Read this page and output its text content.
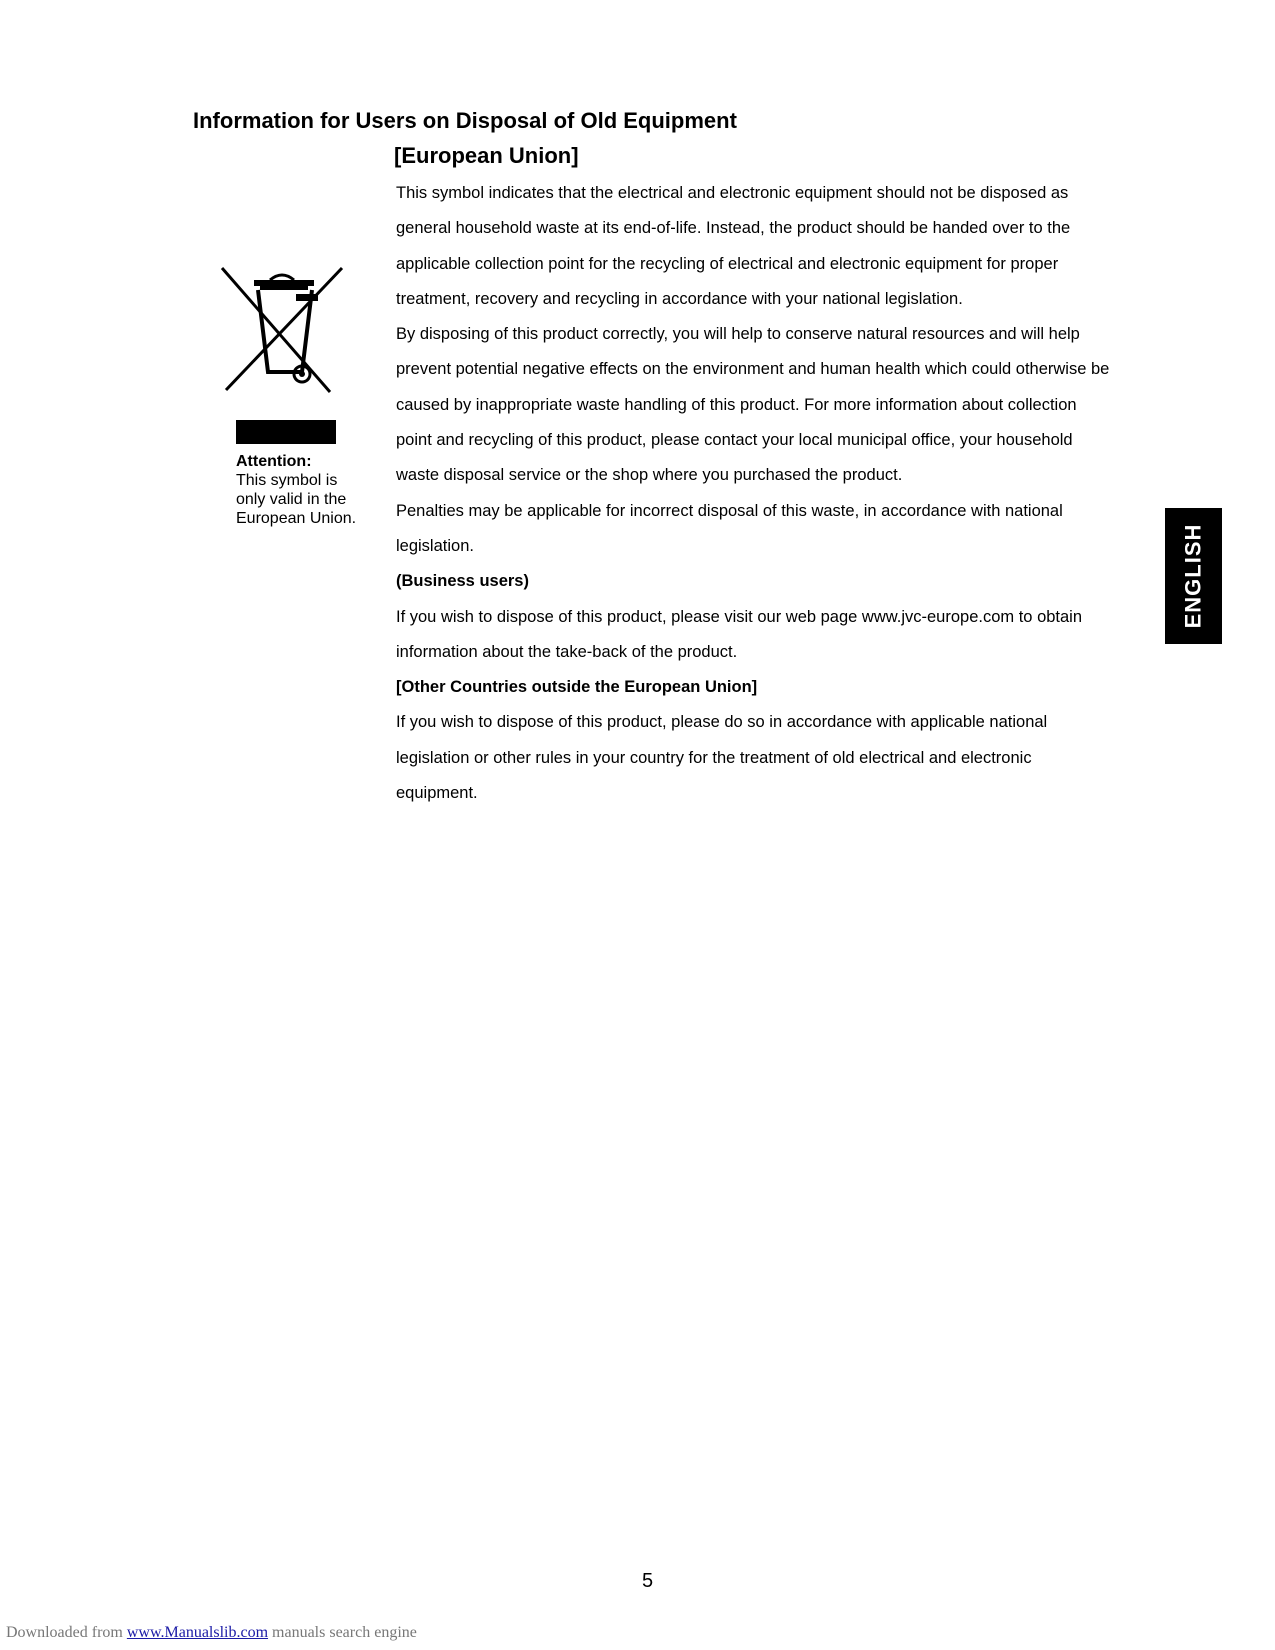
Information for Users on Disposal of Old Equipment
[European Union]
Attention:
This symbol is
only valid in the
European Union.

This symbol indicates that the electrical and electronic equipment should not be disposed as general household waste at its end-of-life. Instead, the product should be handed over to the applicable collection point for the recycling of electrical and electronic equipment for proper treatment, recovery and recycling in accordance with your national legislation.

By disposing of this product correctly, you will help to conserve natural resources and will help prevent potential negative effects on the environment and human health which could otherwise be caused by inappropriate waste handling of this product. For more information about collection point and recycling of this product, please contact your local municipal office, your household waste disposal service or the shop where you purchased the product.

Penalties may be applicable for incorrect disposal of this waste, in accordance with national legislation.

(Business users)

If you wish to dispose of this product, please visit our web page www.jvc-europe.com to obtain information about the take-back of the product.

[Other Countries outside the European Union]

If you wish to dispose of this product, please do so in accordance with applicable national legislation or other rules in your country for the treatment of old electrical and electronic equipment.

ENGLISH
5
Downloaded from www.Manualslib.com manuals search engine
